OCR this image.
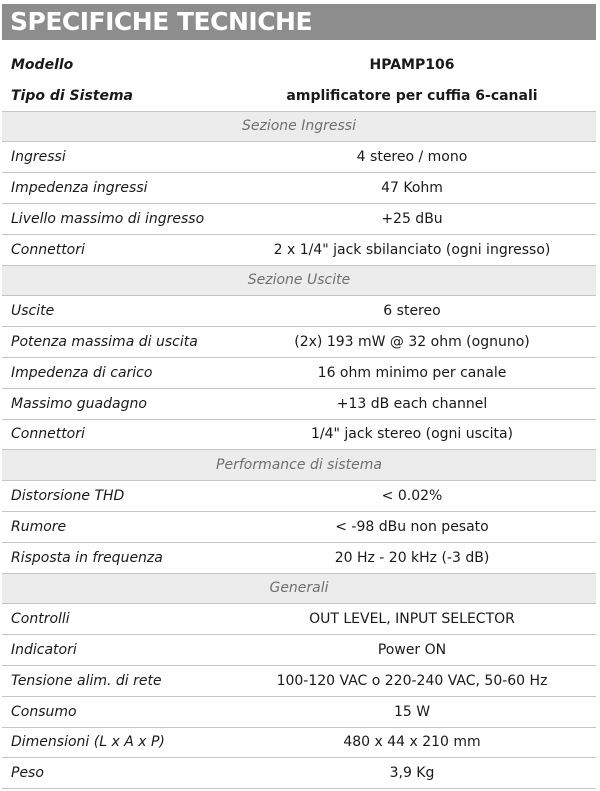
SPECIFICHE TECNICHE
Modello	HPAMP106
Tipo di Sistema	amplificatore per cuffia 6-canali
Sezione Ingressi
Ingressi	4 stereo / mono
Impedenza ingressi	47 Kohm
Livello massimo di ingresso	+25 dBu
Connettori	2 x 1/4" jack sbilanciato (ogni ingresso)
Sezione Uscite
Uscite	6 stereo
Potenza massima di uscita	(2x) 193 mW @ 32 ohm (ognuno)
Impedenza di carico	16 ohm minimo per canale
Massimo guadagno	+13 dB each channel
Connettori	1/4" jack stereo (ogni uscita)
Performance di sistema
Distorsione THD	< 0.02%
Rumore	< -98 dBu non pesato
Risposta in frequenza	20 Hz - 20 kHz (-3 dB)
Generali
Controlli	OUT LEVEL, INPUT SELECTOR
Indicatori	Power ON
Tensione alim. di rete	100-120 VAC o 220-240 VAC, 50-60 Hz
Consumo	15 W
Dimensioni (L x A x P)	480 x 44 x 210 mm
Peso	3,9 Kg
